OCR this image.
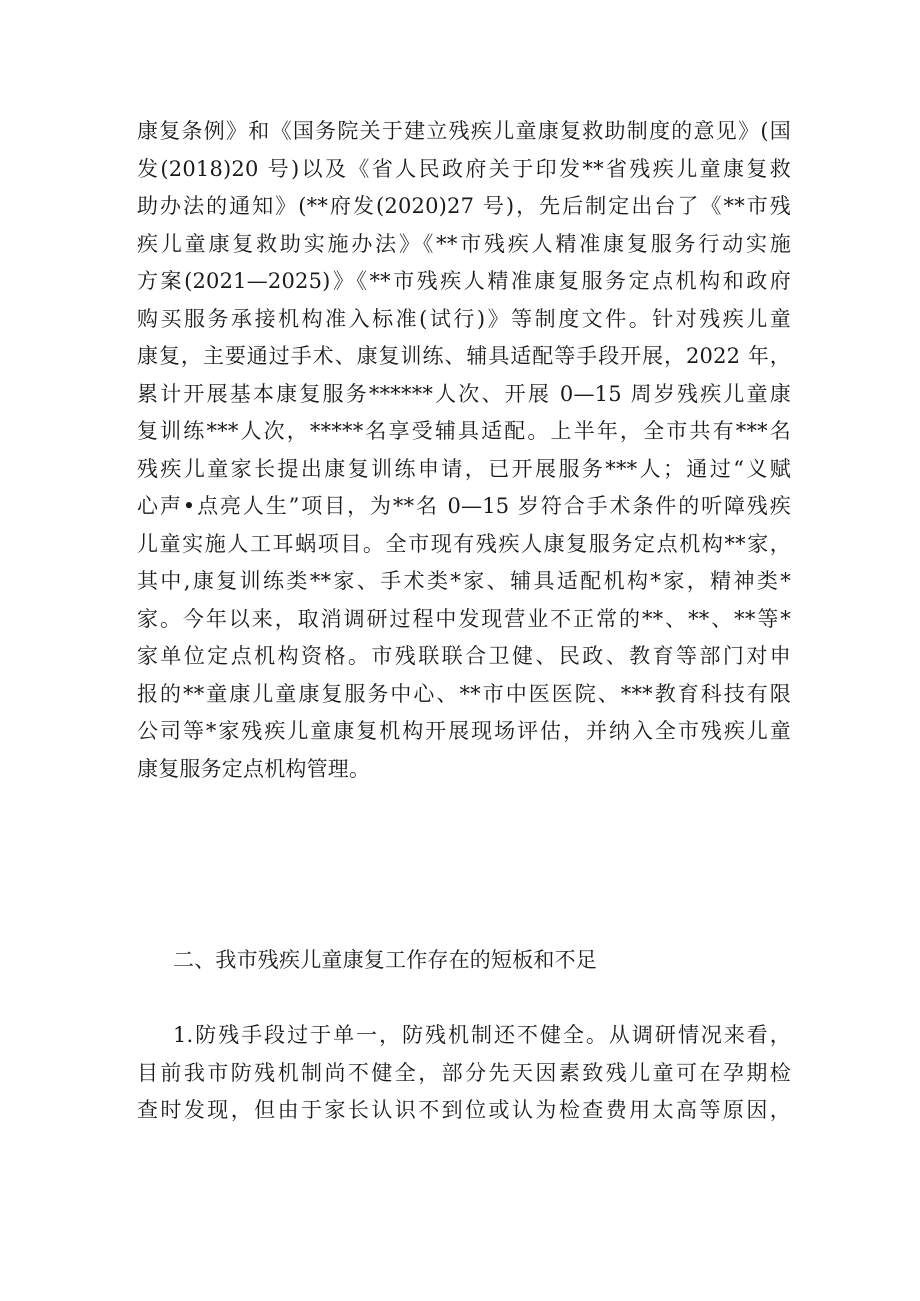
康复条例》和《国务院关于建立残疾儿童康复救助制度的意见》(国
发(2018)20 号)以及《省人民政府关于印发**省残疾儿童康复救
助办法的通知》(**府发(2020)27 号)，先后制定出台了《**市残
疾儿童康复救助实施办法》《**市残疾人精准康复服务行动实施
方案(2021—2025)》《**市残疾人精准康复服务定点机构和政府
购买服务承接机构准入标准(试行)》等制度文件。针对残疾儿童
康复，主要通过手术、康复训练、辅具适配等手段开展，2022 年，
累计开展基本康复服务******人次、开展 0—15 周岁残疾儿童康
复训练***人次，*****名享受辅具适配。上半年，全市共有***名
残疾儿童家长提出康复训练申请，已开展服务***人；通过“义赋
心声•点亮人生”项目，为**名 0—15 岁符合手术条件的听障残疾
儿童实施人工耳蜗项目。全市现有残疾人康复服务定点机构**家，
其中,康复训练类**家、手术类*家、辅具适配机构*家，精神类*
家。今年以来，取消调研过程中发现营业不正常的**、**、**等*
家单位定点机构资格。市残联联合卫健、民政、教育等部门对申
报的**童康儿童康复服务中心、**市中医医院、***教育科技有限
公司等*家残疾儿童康复机构开展现场评估，并纳入全市残疾儿童
康复服务定点机构管理。
二、我市残疾儿童康复工作存在的短板和不足
1.防残手段过于单一，防残机制还不健全。从调研情况来看，
目前我市防残机制尚不健全，部分先天因素致残儿童可在孕期检
查时发现，但由于家长认识不到位或认为检查费用太高等原因，
